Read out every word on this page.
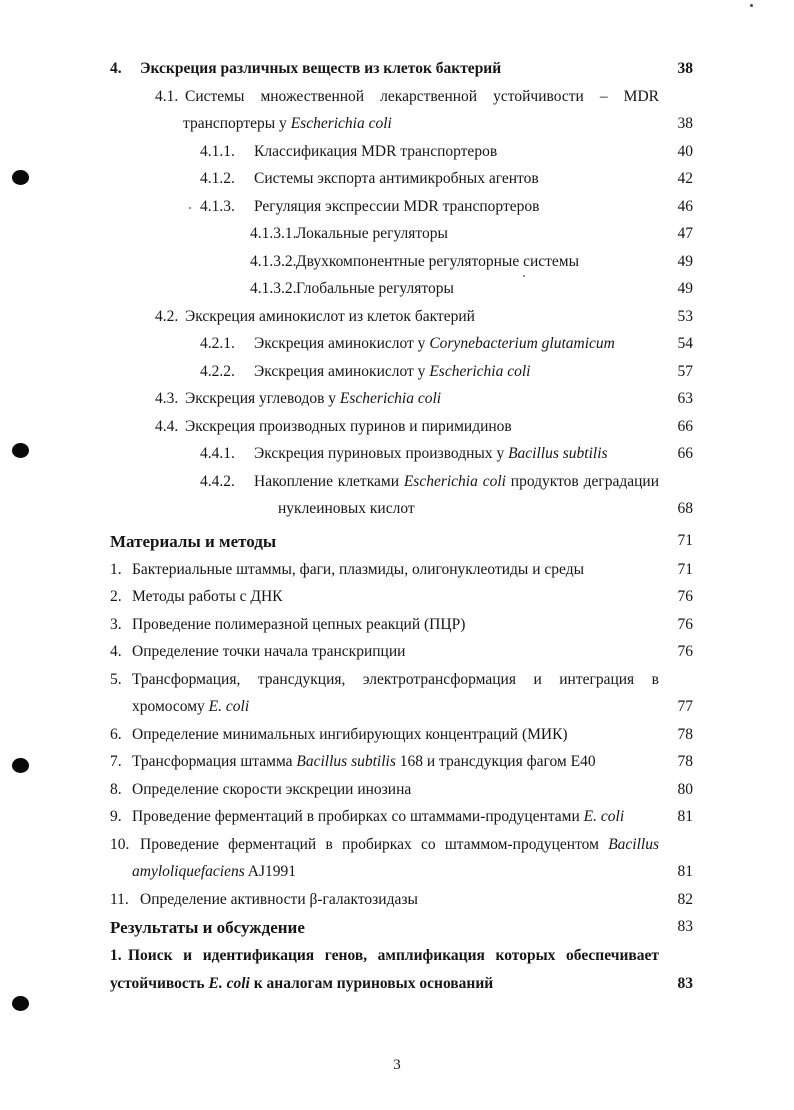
4.	Экскреция различных веществ из клеток бактерий	38
4.1. Системы множественной лекарственной устойчивости – MDR
транспортеры у Escherichia coli	38
4.1.1.	Классификация MDR транспортеров	40
4.1.2.	Системы экспорта антимикробных агентов	42
4.1.3.	Регуляция экспрессии MDR транспортеров	46
4.1.3.1. Локальные регуляторы	47
4.1.3.2. Двухкомпонентные регуляторные системы	49
4.1.3.2. Глобальные регуляторы	49
4.2. Экскреция аминокислот из клеток бактерий	53
4.2.1.	Экскреция аминокислот у Corynebacterium glutamicum	54
4.2.2.	Экскреция аминокислот у Escherichia coli	57
4.3. Экскреция углеводов у Escherichia coli	63
4.4. Экскреция производных пуринов и пиримидинов	66
4.4.1.	Экскреция пуриновых производных у Bacillus subtilis	66
4.4.2.	Накопление клетками Escherichia coli продуктов деградации
нуклеиновых кислот	68
Материалы и методы	71
1. Бактериальные штаммы, фаги, плазмиды, олигонуклеотиды и среды	71
2. Методы работы с ДНК	76
3. Проведение полимеразной цепных реакций (ПЦР)	76
4. Определение точки начала транскрипции	76
5. Трансформация, трансдукция, электротрансформация и интеграция в
хромосому E. coli	77
6. Определение минимальных ингибирующих концентраций (МИК)	78
7. Трансформация штамма Bacillus subtilis 168 и трансдукция фагом Е40	78
8. Определение скорости экскреции инозина	80
9. Проведение ферментаций в пробирках со штаммами-продуцентами E. coli	81
10. Проведение ферментаций в пробирках со штаммом-продуцентом Bacillus
amyloliquefaciens AJ1991	81
11. Определение активности β-галактозидазы	82
Результаты и обсуждение	83
1. Поиск и идентификация генов, амплификация которых обеспечивает
устойчивость E. coli к аналогам пуриновых оснований	83
3
